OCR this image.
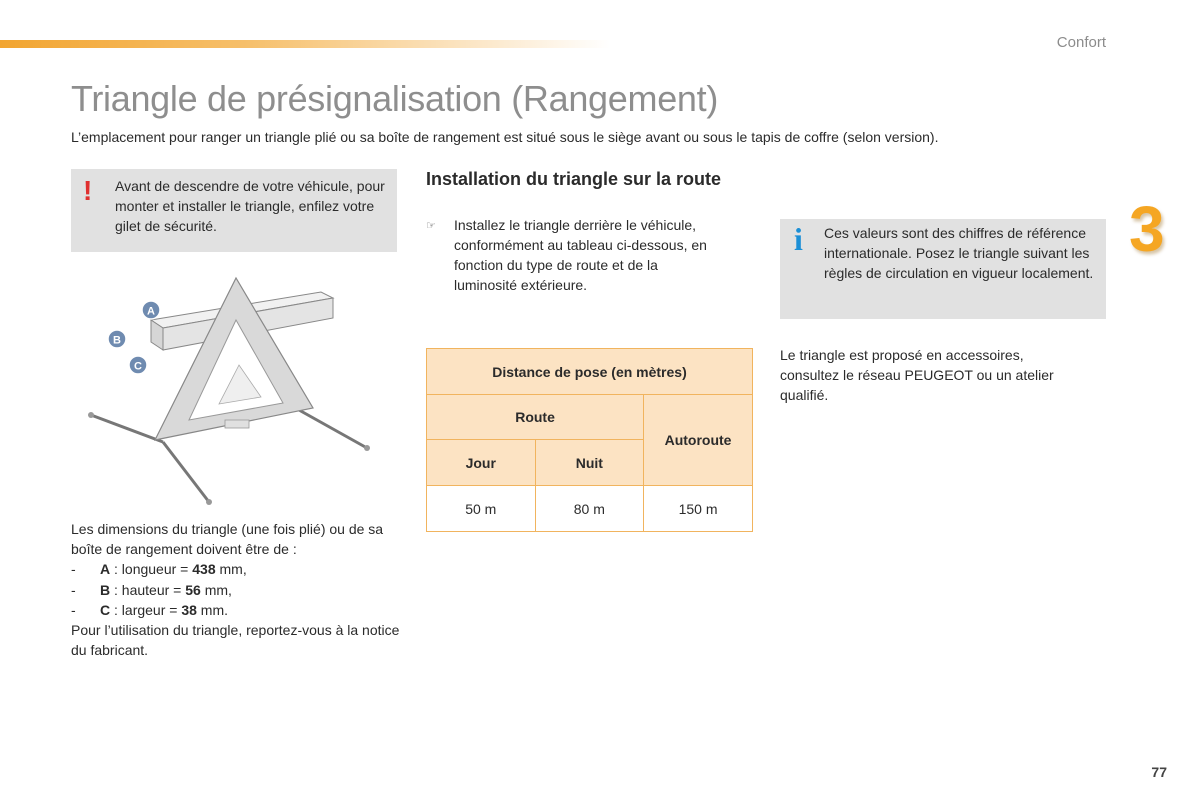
Confort
Triangle de présignalisation (Rangement)
L’emplacement pour ranger un triangle plié ou sa boîte de rangement est situé sous le siège avant ou sous le tapis de coffre (selon version).
! Avant de descendre de votre véhicule, pour monter et installer le triangle, enfilez votre gilet de sécurité.
A
B
C
Les dimensions du triangle (une fois plié) ou de sa boîte de rangement doivent être de :
-	A : longueur = 438 mm,
-	B : hauteur = 56 mm,
-	C : largeur = 38 mm.
Pour l’utilisation du triangle, reportez-vous à la notice du fabricant.
Installation du triangle sur la route
☞	Installez le triangle derrière le véhicule, conformément au tableau ci-dessous, en fonction du type de route et de la luminosité extérieure.
Distance de pose (en mètres)		
Route		Autoroute
Jour	Nuit	
50 m	80 m	150 m
i Ces valeurs sont des chiffres de référence internationale. Posez le triangle suivant les règles de circulation en vigueur localement.
Le triangle est proposé en accessoires, consultez le réseau PEUGEOT ou un atelier qualifié.
3
77
